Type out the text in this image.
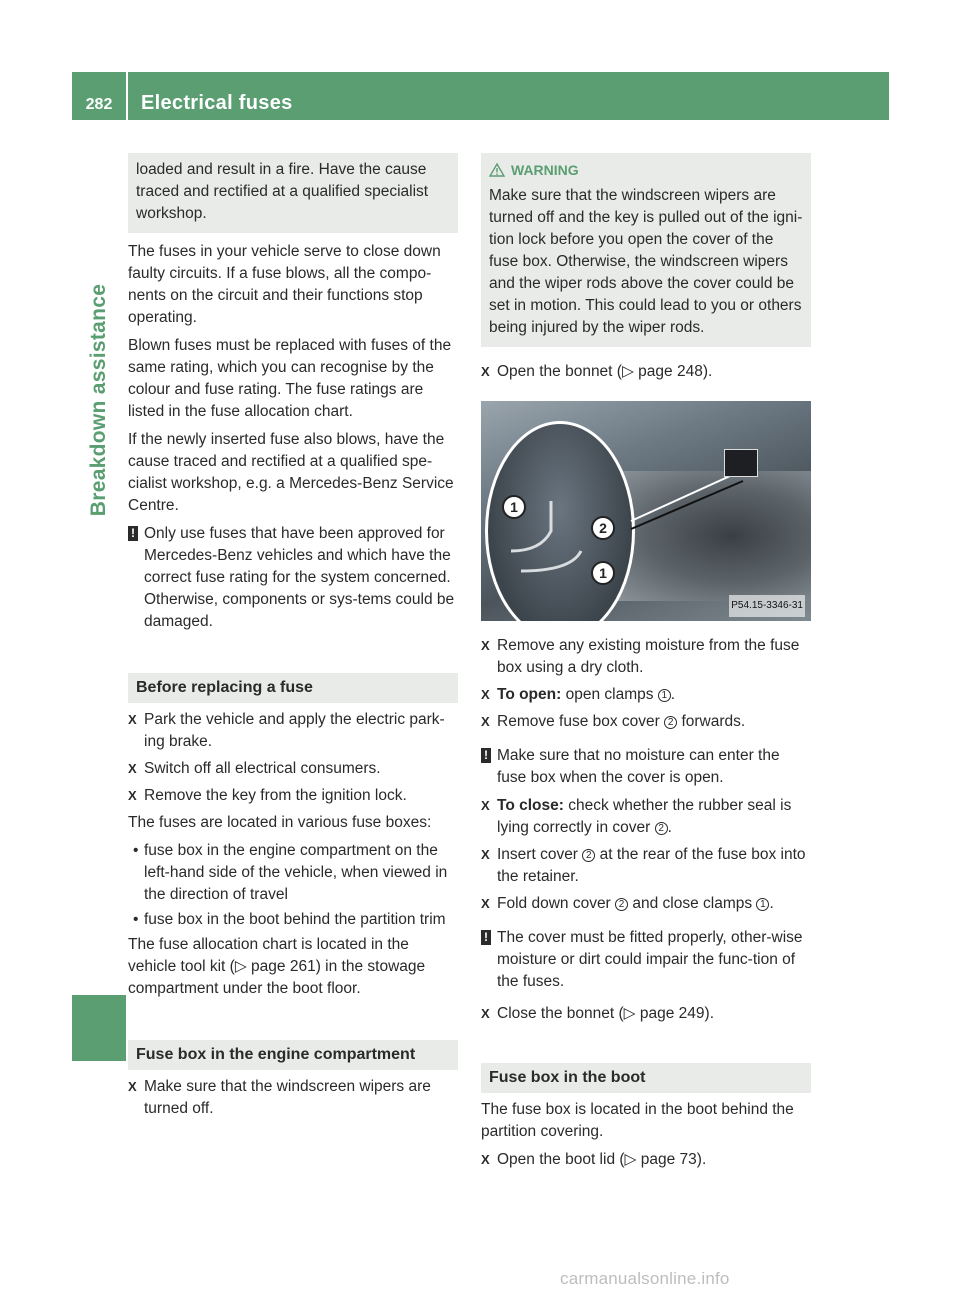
282	Electrical fuses
Breakdown assistance

loaded and result in a fire. Have the cause traced and rectified at a qualified specialist workshop.

The fuses in your vehicle serve to close down faulty circuits. If a fuse blows, all the compo-nents on the circuit and their functions stop operating.

Blown fuses must be replaced with fuses of the same rating, which you can recognise by the colour and fuse rating. The fuse ratings are listed in the fuse allocation chart.

If the newly inserted fuse also blows, have the cause traced and rectified at a qualified spe-cialist workshop, e.g. a Mercedes-Benz Service Centre.

! Only use fuses that have been approved for Mercedes-Benz vehicles and which have the correct fuse rating for the system concerned. Otherwise, components or sys-tems could be damaged.
Before replacing a fuse
X Park the vehicle and apply the electric park-ing brake.
X Switch off all electrical consumers.
X Remove the key from the ignition lock.

The fuses are located in various fuse boxes:

• fuse box in the engine compartment on the left-hand side of the vehicle, when viewed in the direction of travel
• fuse box in the boot behind the partition trim

The fuse allocation chart is located in the vehicle tool kit (▷ page 261) in the stowage compartment under the boot floor.

Fuse box in the engine compartment
X Make sure that the windscreen wipers are turned off.
WARNING

Make sure that the windscreen wipers are turned off and the key is pulled out of the igni-tion lock before you open the cover of the fuse box. Otherwise, the windscreen wipers and the wiper rods above the cover could be set in motion. This could lead to you or others being injured by the wiper rods.

X Open the bonnet (▷ page 248).
1
2
1
P54.15-3346-31
X Remove any existing moisture from the fuse box using a dry cloth.
X To open: open clamps 1 .
X Remove fuse box cover 2 forwards.
! Make sure that no moisture can enter the fuse box when the cover is open.
X To close: check whether the rubber seal is lying correctly in cover 2 .
X Insert cover 2 at the rear of the fuse box into the retainer.
X Fold down cover 2 and close clamps 1 .
! The cover must be fitted properly, other-wise moisture or dirt could impair the func-tion of the fuses.
X Close the bonnet (▷ page 249).
Fuse box in the boot

The fuse box is located in the boot behind the partition covering.

X Open the boot lid (▷ page 73).
carmanualsonline.info
